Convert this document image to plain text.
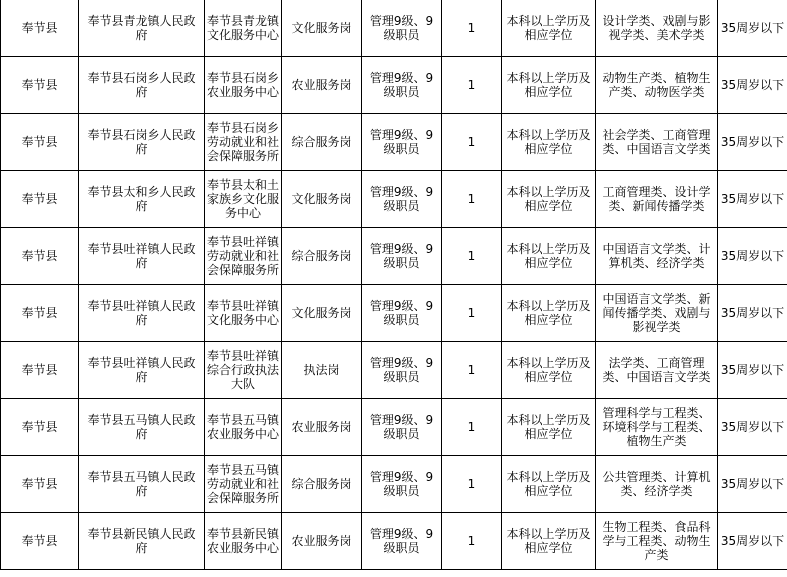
奉节县	奉节县青龙镇人民政府	奉节县青龙镇文化服务中心	文化服务岗	管理9级、9级职员	1	本科以上学历及相应学位	设计学类、戏剧与影视学类、美术学类	35周岁以下
奉节县	奉节县石岗乡人民政府	奉节县石岗乡农业服务中心	农业服务岗	管理9级、9级职员	1	本科以上学历及相应学位	动物生产类、植物生产类、动物医学类	35周岁以下
奉节县	奉节县石岗乡人民政府	奉节县石岗乡劳动就业和社会保障服务所	综合服务岗	管理9级、9级职员	1	本科以上学历及相应学位	社会学类、工商管理类、中国语言文学类	35周岁以下
奉节县	奉节县太和乡人民政府	奉节县太和土家族乡文化服务中心	文化服务岗	管理9级、9级职员	1	本科以上学历及相应学位	工商管理类、设计学类、新闻传播学类	35周岁以下
奉节县	奉节县吐祥镇人民政府	奉节县吐祥镇劳动就业和社会保障服务所	综合服务岗	管理9级、9级职员	1	本科以上学历及相应学位	中国语言文学类、计算机类、经济学类	35周岁以下
奉节县	奉节县吐祥镇人民政府	奉节县吐祥镇文化服务中心	文化服务岗	管理9级、9级职员	1	本科以上学历及相应学位	中国语言文学类、新闻传播学类、戏剧与影视学类	35周岁以下
奉节县	奉节县吐祥镇人民政府	奉节县吐祥镇综合行政执法大队	执法岗	管理9级、9级职员	1	本科以上学历及相应学位	法学类、工商管理类、中国语言文学类	35周岁以下
奉节县	奉节县五马镇人民政府	奉节县五马镇农业服务中心	农业服务岗	管理9级、9级职员	1	本科以上学历及相应学位	管理科学与工程类、环境科学与工程类、植物生产类	35周岁以下
奉节县	奉节县五马镇人民政府	奉节县五马镇劳动就业和社会保障服务所	综合服务岗	管理9级、9级职员	1	本科以上学历及相应学位	公共管理类、计算机类、经济学类	35周岁以下
奉节县	奉节县新民镇人民政府	奉节县新民镇农业服务中心	农业服务岗	管理9级、9级职员	1	本科以上学历及相应学位	生物工程类、食品科学与工程类、动物生产类	35周岁以下
